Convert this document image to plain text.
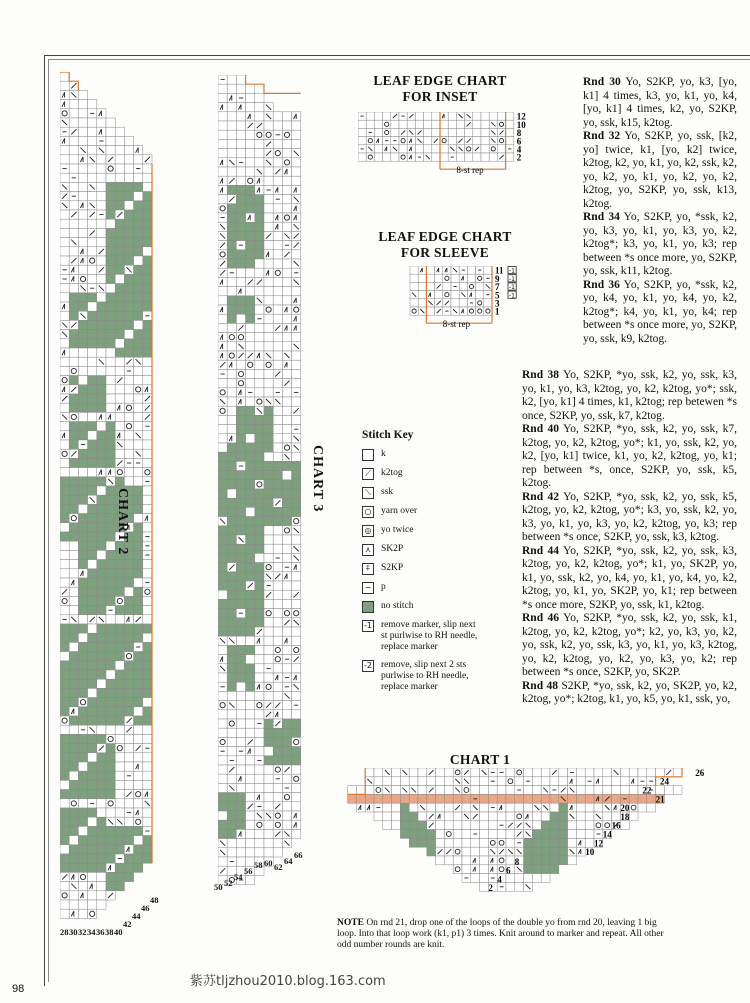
CHART 2
28 30 32 34 36 38 40
42
44
46
48
CHART 3
50 52
54
56
58 60 62
64
66
LEAF EDGE CHART
FOR INSET
8-st rep
12
10
8
6
4
2
LEAF EDGE CHART
FOR SLEEVE
8-st rep
11
9
7
5
3
1
-1
-1
-1
-1

Rnd 30 Yo, S2KP, yo, k3, [yo, k1] 4 times, k3, yo, k1, yo, k4, [yo, k1] 4 times, k2, yo, S2KP, yo, ssk, k15, k2tog.

Rnd 32 Yo, S2KP, yo, ssk, [k2, yo] twice, k1, [yo, k2] twice, k2tog, k2, yo, k1, yo, k2, ssk, k2, yo, k2, yo, k1, yo, k2, yo, k2, k2tog, yo, S2KP, yo, ssk, k13, k2tog.

Rnd 34 Yo, S2KP, yo, *ssk, k2, yo, k3, yo, k1, yo, k3, yo, k2, k2tog*; k3, yo, k1, yo, k3; rep between *s once more, yo, S2KP, yo, ssk, k11, k2tog.

Rnd 36 Yo, S2KP, yo, *ssk, k2, yo, k4, yo, k1, yo, k4, yo, k2, k2tog*; k4, yo, k1, yo, k4; rep between *s once more, yo, S2KP, yo, ssk, k9, k2tog.

Rnd 38 Yo, S2KP, *yo, ssk, k2, yo, ssk, k3, yo, k1, yo, k3, k2tog, yo, k2, k2tog, yo*; ssk, k2, [yo, k1] 4 times, k1, k2tog; rep betewen *s once, S2KP, yo, ssk, k7, k2tog.

Rnd 40 Yo, S2KP, *yo, ssk, k2, yo, ssk, k7, k2tog, yo, k2, k2tog, yo*; k1, yo, ssk, k2, yo, k2, [yo, k1] twice, k1, yo, k2, k2tog, yo, k1; rep between *s, once, S2KP, yo, ssk, k5, k2tog.

Rnd 42 Yo, S2KP, *yo, ssk, k2, yo, ssk, k5, k2tog, yo, k2, k2tog, yo*; k3, yo, ssk, k2, yo, k3, yo, k1, yo, k3, yo, k2, k2tog, yo, k3; rep between *s once, S2KP, yo, ssk, k3, k2tog.

Rnd 44 Yo, S2KP, *yo, ssk, k2, yo, ssk, k3, k2tog, yo, k2, k2tog, yo*; k1, yo, SK2P, yo, k1, yo, ssk, k2, yo, k4, yo, k1, yo, k4, yo, k2, k2tog, yo, k1, yo, SK2P, yo, k1; rep between *s once more, S2KP, yo, ssk, k1, k2tog.

Rnd 46 Yo, S2KP, *yo, ssk, k2, yo, ssk, k1, k2tog, yo, k2, k2tog, yo*; k2, yo, k3, yo, k2, yo, ssk, k2, yo, ssk, k3, yo, k1, yo, k3, k2tog, yo, k2, k2tog, yo, k2, yo, k3, yo, k2; rep between *s once, S2KP, yo, SK2P.

Rnd 48 S2KP, *yo, ssk, k2, yo, SK2P, yo, k2, k2tog, yo*; k2tog, k1, yo, k5, yo, k1, ssk, yo,

Stitch Key
k
⟋	k2tog
⟍	ssk
○ yarn over
◎ yo twice
⋏	SK2P
⍏	S2KP
− p
no stitch
-1 remove marker, slip next st purlwise to RH needle, replace marker
-2 remove, slip next 2 sts purlwise to RH needle, replace marker
CHART 1
26
24
22
21
20
18
16
14
12
10
8
6
4
2
NOTE On rnd 21, drop one of the loops of the double yo from rnd 20, leaving 1 big loop. Into that loop work (k1, p1) 3 times. Knit around to marker and repeat. All other odd number rounds are knit.
紫苏tljzhou2010.blog.163.com
98
